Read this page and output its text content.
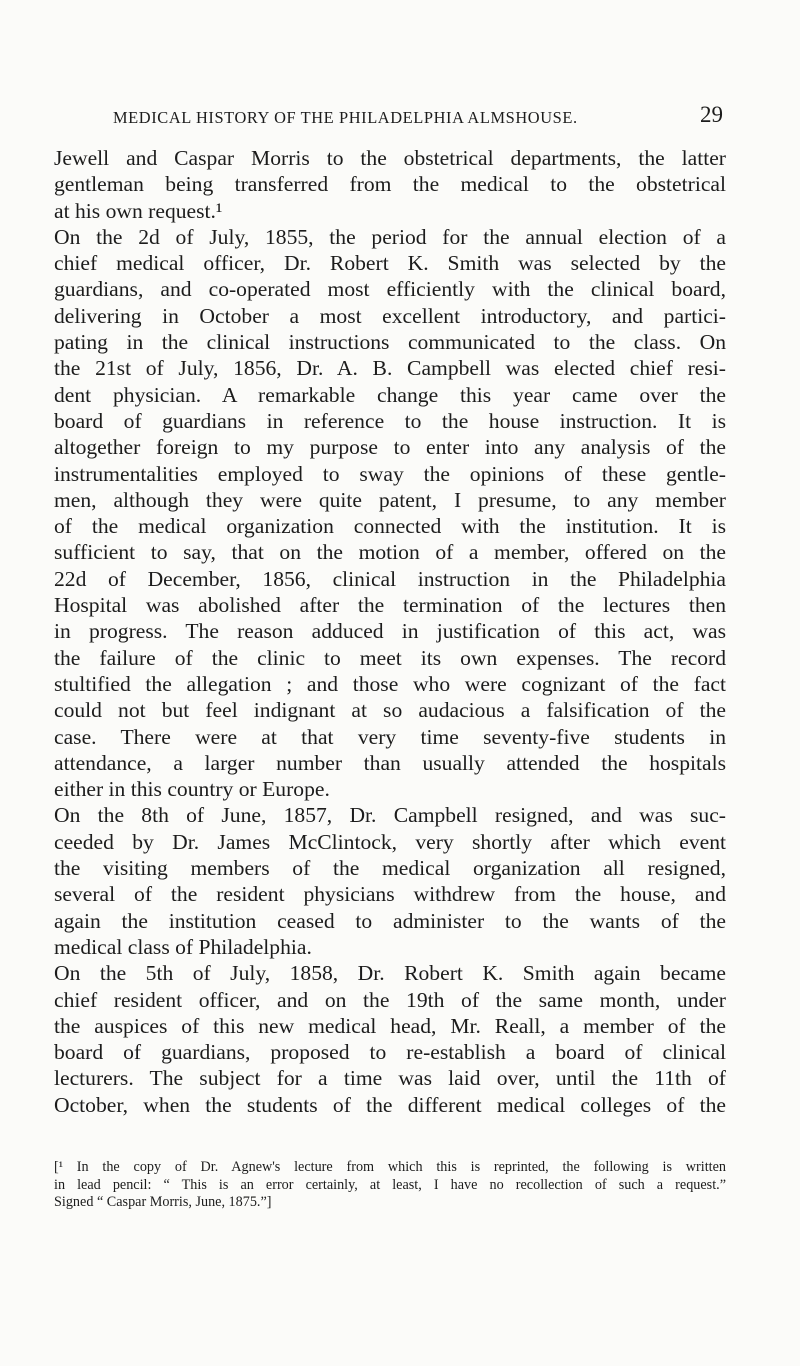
MEDICAL HISTORY OF THE PHILADELPHIA ALMSHOUSE.	29
Jewell and Caspar Morris to the obstetrical departments, the latter
gentleman being transferred from the medical to the obstetrical
at his own request.¹
On the 2d of July, 1855, the period for the annual election of a
chief medical officer, Dr. Robert K. Smith was selected by the
guardians, and co-operated most efficiently with the clinical board,
delivering in October a most excellent introductory, and partici-
pating in the clinical instructions communicated to the class. On
the 21st of July, 1856, Dr. A. B. Campbell was elected chief resi-
dent physician. A remarkable change this year came over the
board of guardians in reference to the house instruction. It is
altogether foreign to my purpose to enter into any analysis of the
instrumentalities employed to sway the opinions of these gentle-
men, although they were quite patent, I presume, to any member
of the medical organization connected with the institution. It is
sufficient to say, that on the motion of a member, offered on the
22d of December, 1856, clinical instruction in the Philadelphia
Hospital was abolished after the termination of the lectures then
in progress. The reason adduced in justification of this act, was
the failure of the clinic to meet its own expenses. The record
stultified the allegation ; and those who were cognizant of the fact
could not but feel indignant at so audacious a falsification of the
case. There were at that very time seventy-five students in
attendance, a larger number than usually attended the hospitals
either in this country or Europe.
On the 8th of June, 1857, Dr. Campbell resigned, and was suc-
ceeded by Dr. James McClintock, very shortly after which event
the visiting members of the medical organization all resigned,
several of the resident physicians withdrew from the house, and
again the institution ceased to administer to the wants of the
medical class of Philadelphia.
On the 5th of July, 1858, Dr. Robert K. Smith again became
chief resident officer, and on the 19th of the same month, under
the auspices of this new medical head, Mr. Reall, a member of the
board of guardians, proposed to re-establish a board of clinical
lecturers. The subject for a time was laid over, until the 11th of
October, when the students of the different medical colleges of the
[¹ In the copy of Dr. Agnew's lecture from which this is reprinted, the following is written
in lead pencil: “ This is an error certainly, at least, I have no recollection of such a request.”
Signed “ Caspar Morris, June, 1875.”]
